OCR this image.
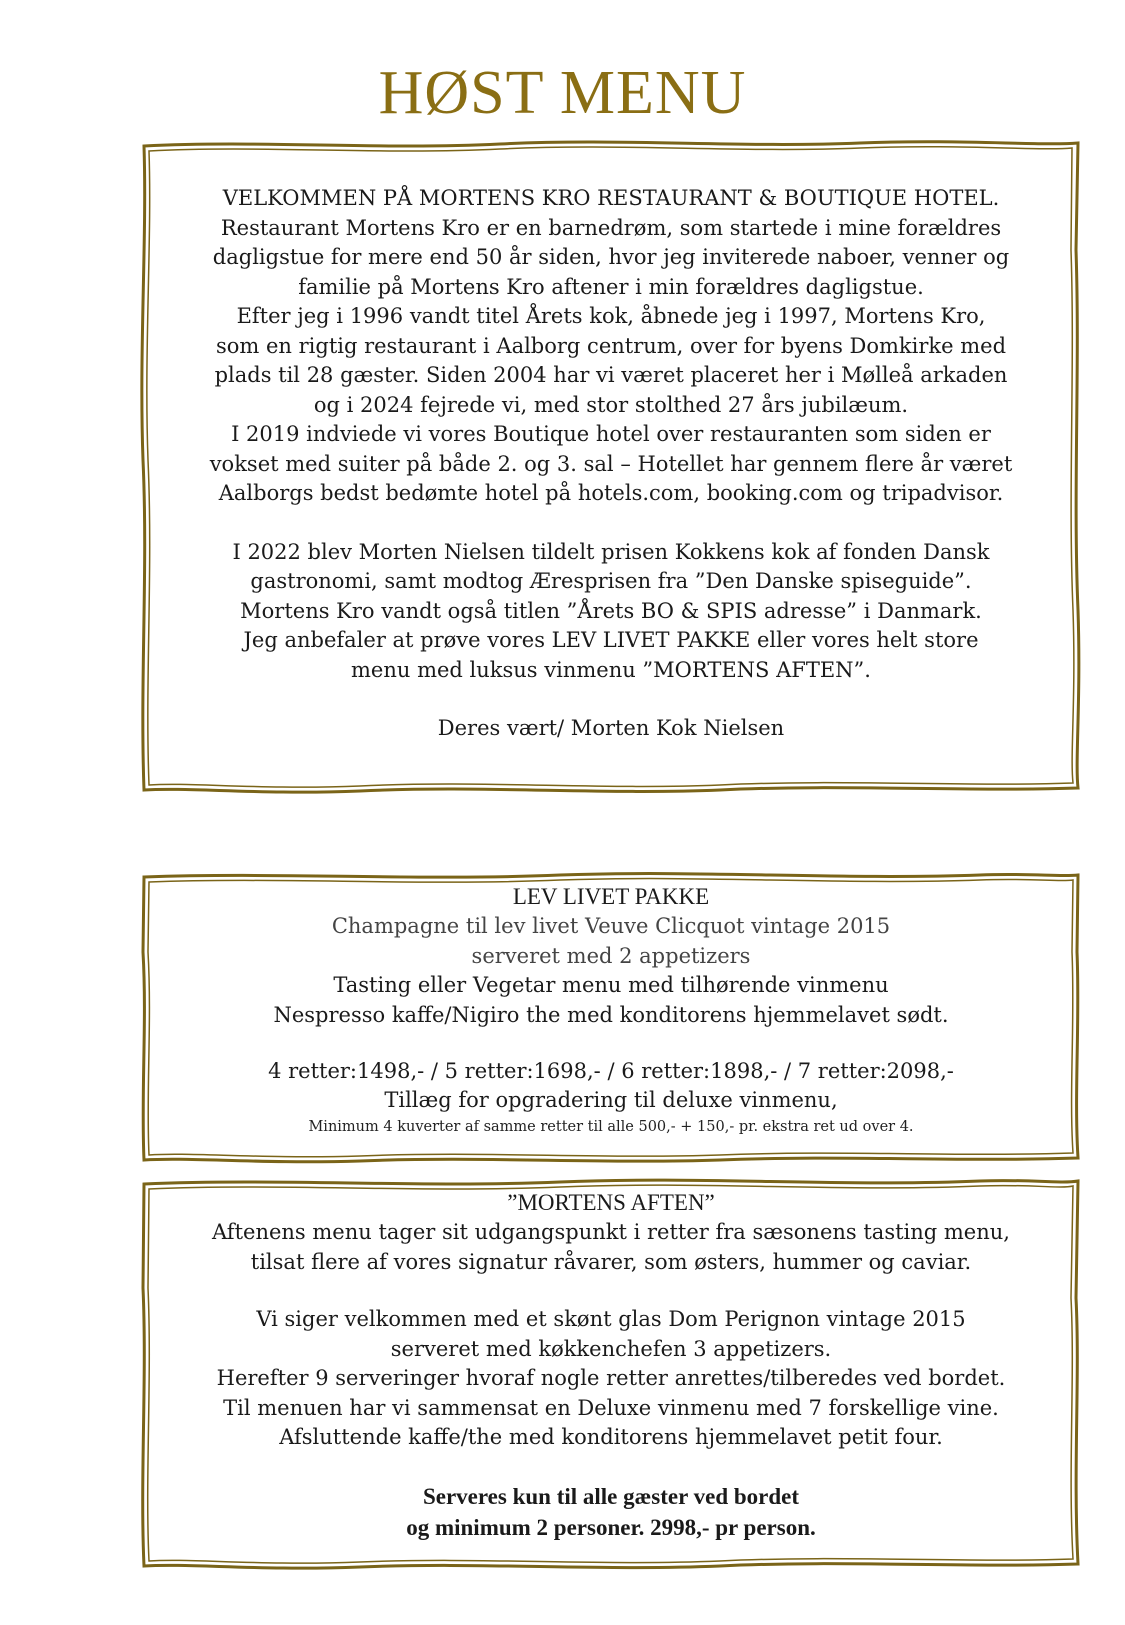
HØST MENU
VELKOMMEN PÅ MORTENS KRO RESTAURANT & BOUTIQUE HOTEL.
Restaurant Mortens Kro er en barnedrøm, som startede i mine forældres
dagligstue for mere end 50 år siden, hvor jeg inviterede naboer, venner og
familie på Mortens Kro aftener i min forældres dagligstue.
Efter jeg i 1996 vandt titel Årets kok, åbnede jeg i 1997, Mortens Kro,
som en rigtig restaurant i Aalborg centrum, over for byens Domkirke med
plads til 28 gæster. Siden 2004 har vi været placeret her i Mølleå arkaden
og i 2024 fejrede vi, med stor stolthed 27 års jubilæum.
I 2019 indviede vi vores Boutique hotel over restauranten som siden er
vokset med suiter på både 2. og 3. sal – Hotellet har gennem flere år været
Aalborgs bedst bedømte hotel på hotels.com, booking.com og tripadvisor.
I 2022 blev Morten Nielsen tildelt prisen Kokkens kok af fonden Dansk
gastronomi, samt modtog Æresprisen fra ”Den Danske spiseguide”.
Mortens Kro vandt også titlen ”Årets BO & SPIS adresse” i Danmark.
Jeg anbefaler at prøve vores LEV LIVET PAKKE eller vores helt store
menu med luksus vinmenu ”MORTENS AFTEN”.
Deres vært/ Morten Kok Nielsen
LEV LIVET PAKKE
Champagne til lev livet Veuve Clicquot vintage 2015
serveret med 2 appetizers
Tasting eller Vegetar menu med tilhørende vinmenu
Nespresso kaffe/Nigiro the med konditorens hjemmelavet sødt.
4 retter:1498,- / 5 retter:1698,- / 6 retter:1898,- / 7 retter:2098,-
Tillæg for opgradering til deluxe vinmenu,
Minimum 4 kuverter af samme retter til alle 500,- + 150,- pr. ekstra ret ud over 4.
”MORTENS AFTEN”
Aftenens menu tager sit udgangspunkt i retter fra sæsonens tasting menu,
tilsat flere af vores signatur råvarer, som østers, hummer og caviar.
Vi siger velkommen med et skønt glas Dom Perignon vintage 2015
serveret med køkkenchefen 3 appetizers.
Herefter 9 serveringer hvoraf nogle retter anrettes/tilberedes ved bordet.
Til menuen har vi sammensat en Deluxe vinmenu med 7 forskellige vine.
Afsluttende kaffe/the med konditorens hjemmelavet petit four.
Serveres kun til alle gæster ved bordet
og minimum 2 personer. 2998,- pr person.
